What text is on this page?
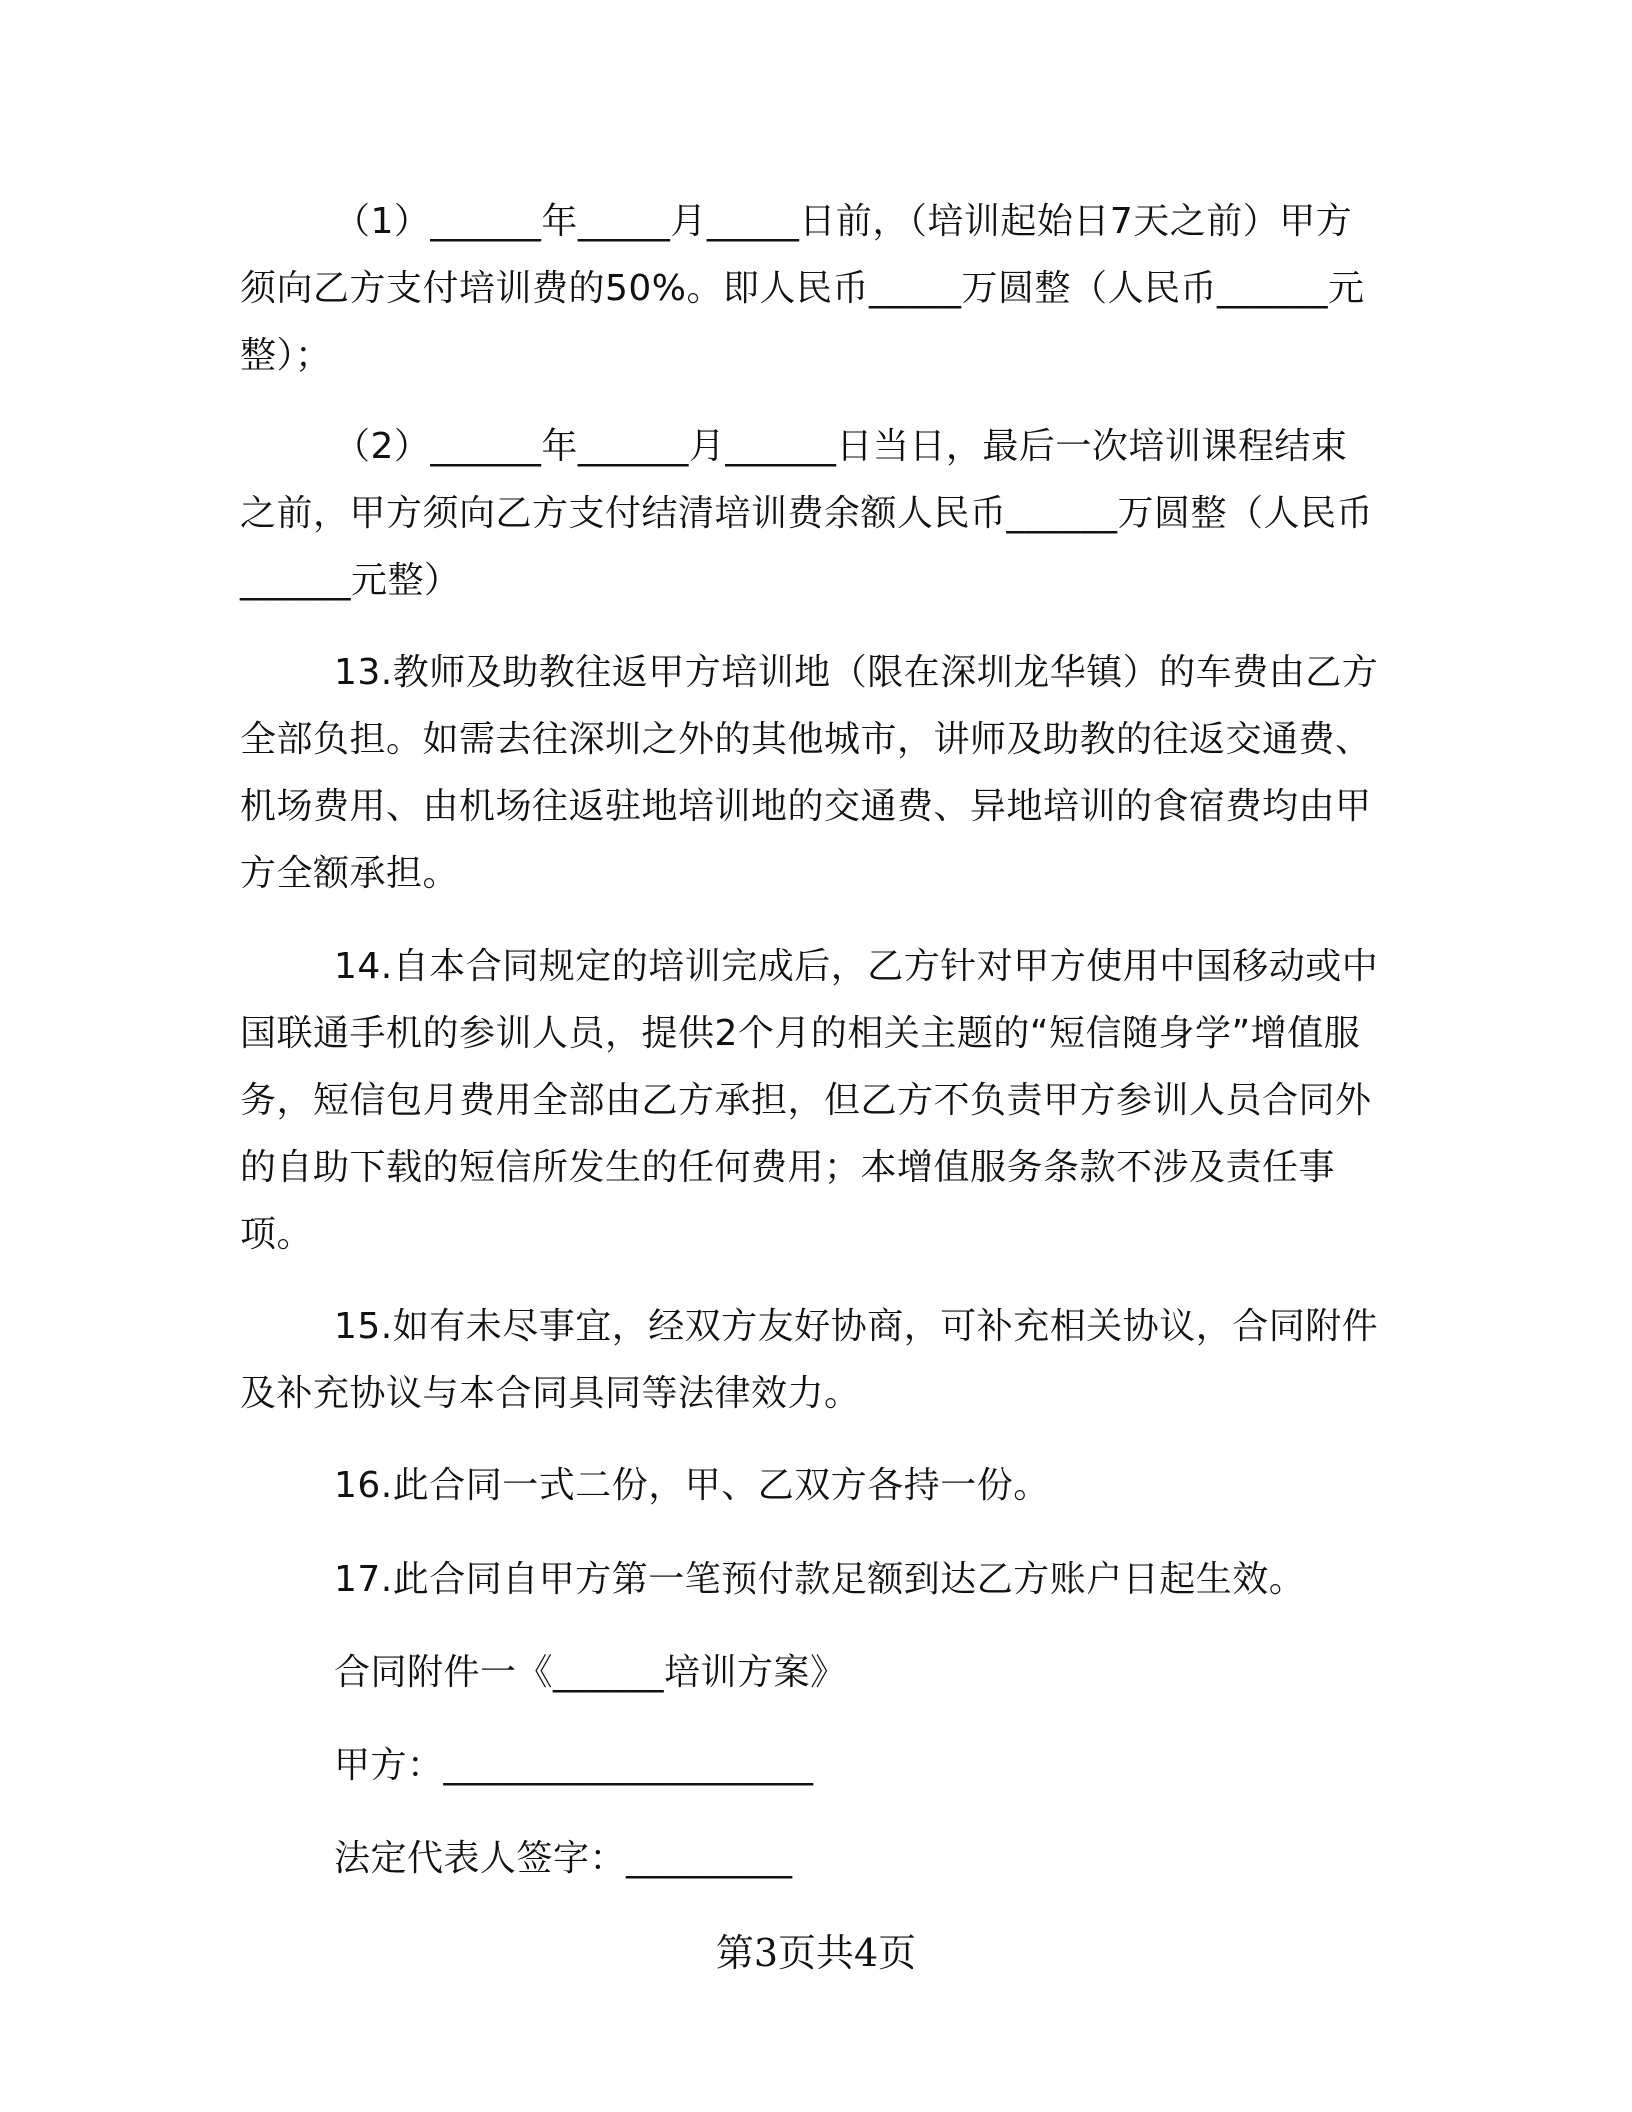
（1）______年_____月_____日前，（培训起始日7天之前）甲方须向乙方支付培训费的50%。即人民币_____万圆整（人民币______元整）；

（2）______年______月______日当日，最后一次培训课程结束之前，甲方须向乙方支付结清培训费余额人民币______万圆整（人民币______元整）

13.教师及助教往返甲方培训地（限在深圳龙华镇）的车费由乙方全部负担。如需去往深圳之外的其他城市，讲师及助教的往返交通费、机场费用、由机场往返驻地培训地的交通费、异地培训的食宿费均由甲方全额承担。

14.自本合同规定的培训完成后，乙方针对甲方使用中国移动或中国联通手机的参训人员，提供2个月的相关主题的“短信随身学”增值服务，短信包月费用全部由乙方承担，但乙方不负责甲方参训人员合同外的自助下载的短信所发生的任何费用；本增值服务条款不涉及责任事项。

15.如有未尽事宜，经双方友好协商，可补充相关协议，合同附件及补充协议与本合同具同等法律效力。

16.此合同一式二份，甲、乙双方各持一份。

17.此合同自甲方第一笔预付款足额到达乙方账户日起生效。

合同附件一《______培训方案》

甲方：____________________

法定代表人签字：_________

第3页共4页
